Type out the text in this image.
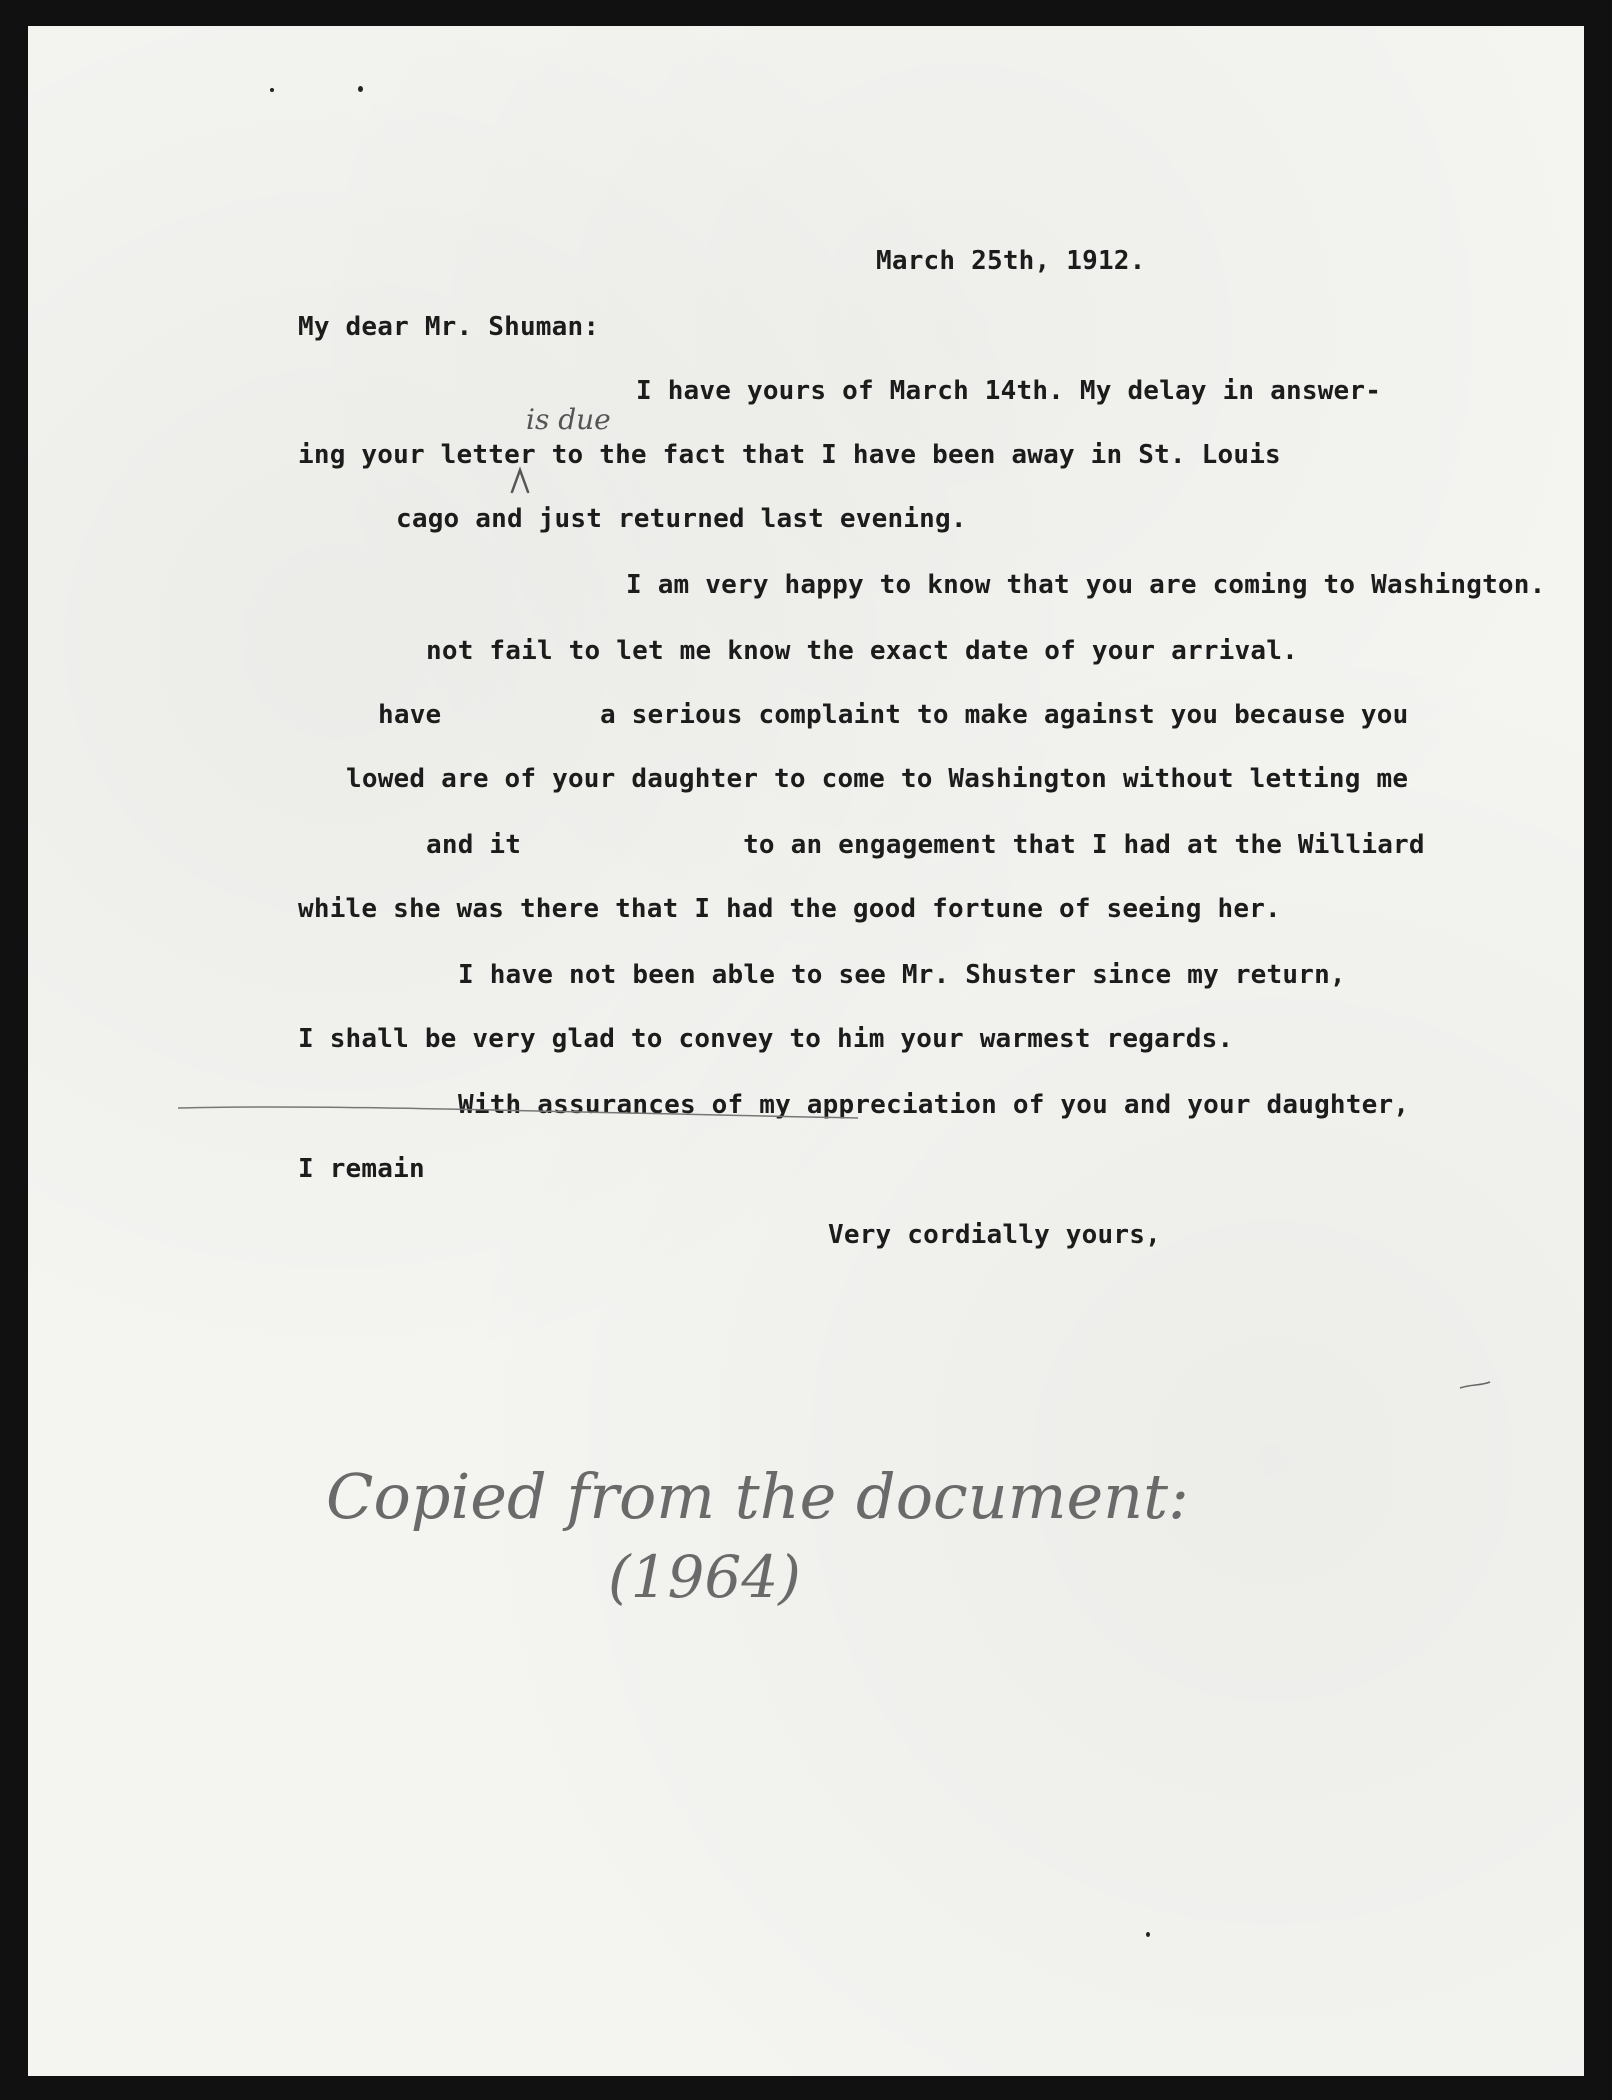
March 25th, 1912.
My dear Mr. Shuman:
I have yours of March 14th. My delay in answer-
ing your letter to the fact that I have been away in St. Louis
cago and just returned last evening.
I am very happy to know that you are coming to Washington.
not fail to let me know the exact date of your arrival.
have          a serious complaint to make against you because you
lowed are of your daughter to come to Washington without letting me
and it              to an engagement that I had at the Williard
while she was there that I had the good fortune of seeing her.
I have not been able to see Mr. Shuster since my return,
I shall be very glad to convey to him your warmest regards.
With assurances of my appreciation of you and your daughter,
I remain
Very cordially yours,
is due
Copied from the document:
(1964)
